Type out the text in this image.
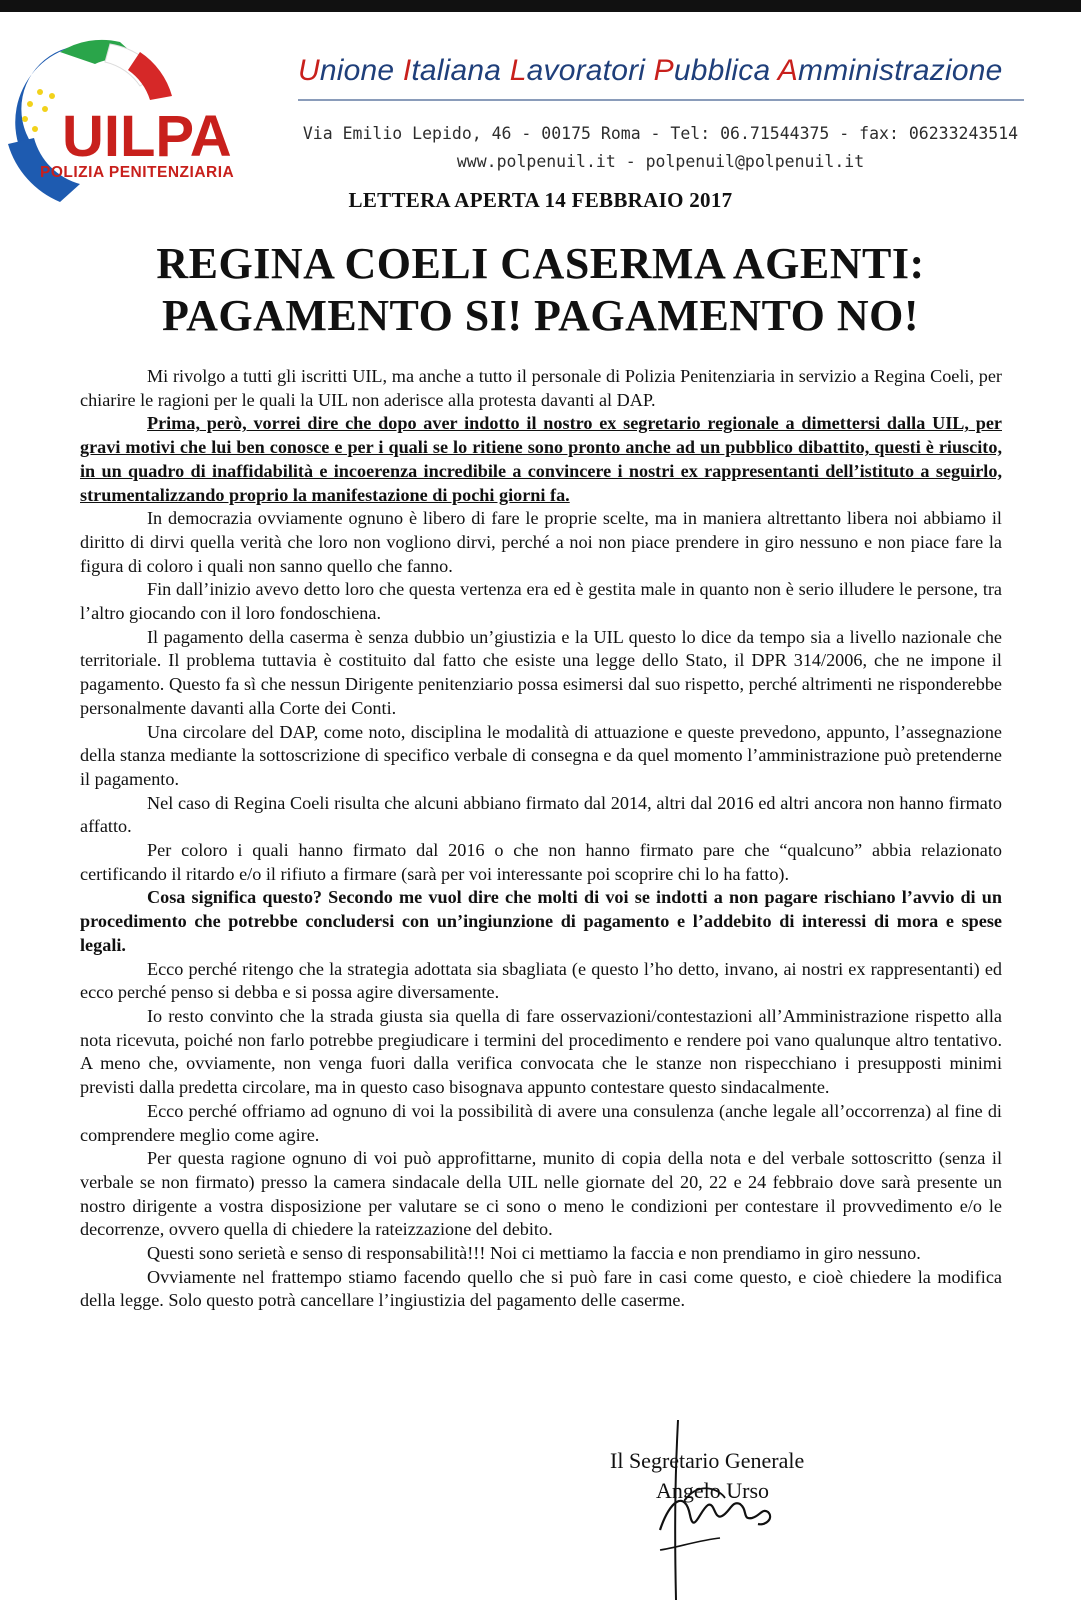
UILPA
POLIZIA PENITENZIARIA
Unione Italiana Lavoratori Pubblica Amministrazione
Via Emilio Lepido, 46 - 00175 Roma - Tel: 06.71544375 - fax: 06233243514
www.polpenuil.it - polpenuil@polpenuil.it
LETTERA APERTA 14 FEBBRAIO 2017
REGINA COELI CASERMA AGENTI:
PAGAMENTO SI! PAGAMENTO NO!

Mi rivolgo a tutti gli iscritti UIL, ma anche a tutto il personale di Polizia Penitenziaria in servizio a Regina Coeli, per chiarire le ragioni per le quali la UIL non aderisce alla protesta davanti al DAP.

Prima, però, vorrei dire che dopo aver indotto il nostro ex segretario regionale a dimettersi dalla UIL, per gravi motivi che lui ben conosce e per i quali se lo ritiene sono pronto anche ad un pubblico dibattito, questi è riuscito, in un quadro di inaffidabilità e incoerenza incredibile a convincere i nostri ex rappresentanti dell’istituto a seguirlo, strumentalizzando proprio la manifestazione di pochi giorni fa.

In democrazia ovviamente ognuno è libero di fare le proprie scelte, ma in maniera altrettanto libera noi abbiamo il diritto di dirvi quella verità che loro non vogliono dirvi, perché a noi non piace prendere in giro nessuno e non piace fare la figura di coloro i quali non sanno quello che fanno.

Fin dall’inizio avevo detto loro che questa vertenza era ed è gestita male in quanto non è serio illudere le persone, tra l’altro giocando con il loro fondoschiena.

Il pagamento della caserma è senza dubbio un’giustizia e la UIL questo lo dice da tempo sia a livello nazionale che territoriale. Il problema tuttavia è costituito dal fatto che esiste una legge dello Stato, il DPR 314/2006, che ne impone il pagamento. Questo fa sì che nessun Dirigente penitenziario possa esimersi dal suo rispetto, perché altrimenti ne risponderebbe personalmente davanti alla Corte dei Conti.

Una circolare del DAP, come noto, disciplina le modalità di attuazione e queste prevedono, appunto, l’assegnazione della stanza mediante la sottoscrizione di specifico verbale di consegna e da quel momento l’amministrazione può pretenderne il pagamento.

Nel caso di Regina Coeli risulta che alcuni abbiano firmato dal 2014, altri dal 2016 ed altri ancora non hanno firmato affatto.

Per coloro i quali hanno firmato dal 2016 o che non hanno firmato pare che “qualcuno” abbia relazionato certificando il ritardo e/o il rifiuto a firmare (sarà per voi interessante poi scoprire chi lo ha fatto).

Cosa significa questo? Secondo me vuol dire che molti di voi se indotti a non pagare rischiano l’avvio di un procedimento che potrebbe concludersi con un’ingiunzione di pagamento e l’addebito di interessi di mora e spese legali.

Ecco perché ritengo che la strategia adottata sia sbagliata (e questo l’ho detto, invano, ai nostri ex rappresentanti) ed ecco perché penso si debba e si possa agire diversamente.

Io resto convinto che la strada giusta sia quella di fare osservazioni/contestazioni all’Amministrazione rispetto alla nota ricevuta, poiché non farlo potrebbe pregiudicare i termini del procedimento e rendere poi vano qualunque altro tentativo. A meno che, ovviamente, non venga fuori dalla verifica convocata che le stanze non rispecchiano i presupposti minimi previsti dalla predetta circolare, ma in questo caso bisognava appunto contestare questo sindacalmente.

Ecco perché offriamo ad ognuno di voi la possibilità di avere una consulenza (anche legale all’occorrenza) al fine di comprendere meglio come agire.

Per questa ragione ognuno di voi può approfittarne, munito di copia della nota e del verbale sottoscritto (senza il verbale se non firmato) presso la camera sindacale della UIL nelle giornate del 20, 22 e 24 febbraio dove sarà presente un nostro dirigente a vostra disposizione per valutare se ci sono o meno le condizioni per contestare il provvedimento e/o le decorrenze, ovvero quella di chiedere la rateizzazione del debito.

Questi sono serietà e senso di responsabilità!!! Noi ci mettiamo la faccia e non prendiamo in giro nessuno.

Ovviamente nel frattempo stiamo facendo quello che si può fare in casi come questo, e cioè chiedere la modifica della legge. Solo questo potrà cancellare l’ingiustizia del pagamento delle caserme.

Il Segretario Generale
Angelo Urso
